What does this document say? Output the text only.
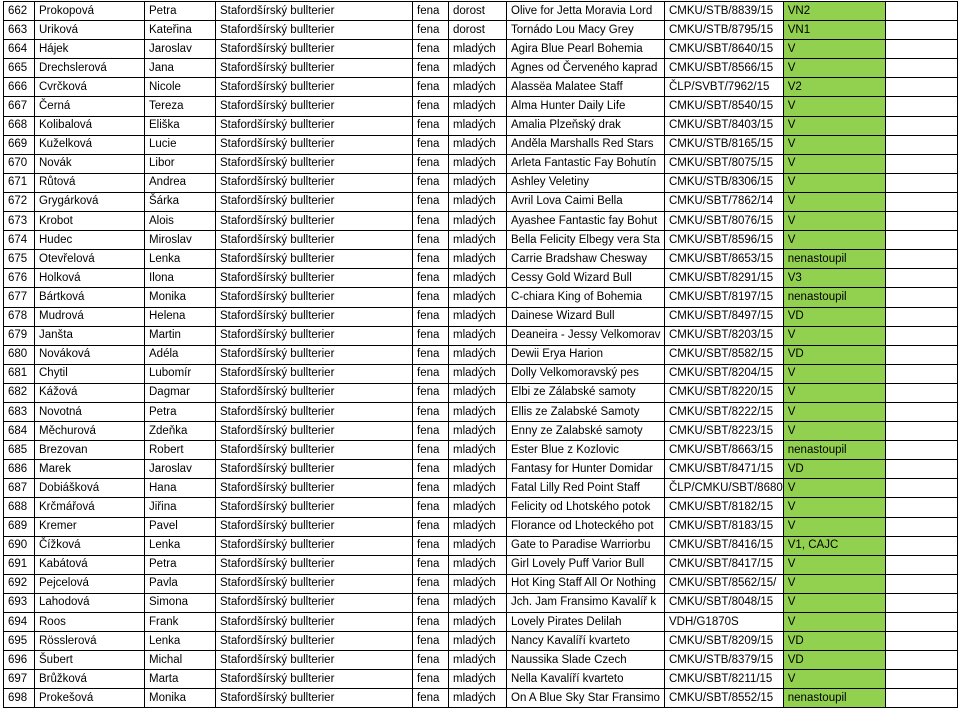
662	Prokopová	Petra	Stafordšírský bullterier	fena	dorost	Olive for Jetta Moravia Lord	CMKU/STB/8839/15	VN2	
663	Uriková	Kateřina	Stafordšírský bullterier	fena	dorost	Tornádo Lou Macy Grey	CMKU/STB/8795/15	VN1	
664	Hájek	Jaroslav	Stafordšírský bullterier	fena	mladých	Agira Blue Pearl Bohemia	CMKU/SBT/8640/15	V	
665	Drechslerová	Jana	Stafordšírský bullterier	fena	mladých	Agnes od Červeného kaprad	CMKU/SBT/8566/15	V	
666	Cvrčková	Nicole	Stafordšírský bullterier	fena	mladých	Alassëa Malatee Staff	ČLP/SVBT/7962/15	V2	
667	Černá	Tereza	Stafordšírský bullterier	fena	mladých	Alma Hunter Daily Life	CMKU/SBT/8540/15	V	
668	Kolibalová	Eliška	Stafordšírský bullterier	fena	mladých	Amalia Plzeňský drak	CMKU/SBT/8403/15	V	
669	Kuželková	Lucie	Stafordšírský bullterier	fena	mladých	Anděla Marshalls Red Stars	CMKU/STB/8165/15	V	
670	Novák	Libor	Stafordšírský bullterier	fena	mladých	Arleta Fantastic Fay Bohutín	CMKU/SBT/8075/15	V	
671	Růtová	Andrea	Stafordšírský bullterier	fena	mladých	Ashley Veletiny	CMKU/STB/8306/15	V	
672	Grygárková	Šárka	Stafordšírský bullterier	fena	mladých	Avril Lova Caimi Bella	CMKU/SBT/7862/14	V	
673	Krobot	Alois	Stafordšírský bullterier	fena	mladých	Ayashee Fantastic fay Bohut	CMKU/SBT/8076/15	V	
674	Hudec	Miroslav	Stafordšírský bullterier	fena	mladých	Bella Felicity Elbegy vera Sta	CMKU/SBT/8596/15	V	
675	Otevřelová	Lenka	Stafordšírský bullterier	fena	mladých	Carrie Bradshaw Chesway	CMKU/SBT/8653/15	nenastoupil	
676	Holková	Ilona	Stafordšírský bullterier	fena	mladých	Cessy Gold Wizard Bull	CMKU/SBT/8291/15	V3	
677	Bártková	Monika	Stafordšírský bullterier	fena	mladých	C-chiara King of Bohemia	CMKU/SBT/8197/15	nenastoupil	
678	Mudrová	Helena	Stafordšírský bullterier	fena	mladých	Dainese Wizard Bull	CMKU/SBT/8497/15	VD	
679	Janšta	Martin	Stafordšírský bullterier	fena	mladých	Deaneira - Jessy Velkomorav	CMKU/SBT/8203/15	V	
680	Nováková	Adéla	Stafordšírský bullterier	fena	mladých	Dewii Erya Harion	CMKU/SBT/8582/15	VD	
681	Chytil	Lubomír	Stafordšírský bullterier	fena	mladých	Dolly Velkomoravský pes	CMKU/SBT/8204/15	V	
682	Kážová	Dagmar	Stafordšírský bullterier	fena	mladých	Elbi ze Zálabské samoty	CMKU/SBT/8220/15	V	
683	Novotná	Petra	Stafordšírský bullterier	fena	mladých	Ellis ze Zalabské Samoty	CMKU/SBT/8222/15	V	
684	Měchurová	Zdeňka	Stafordšírský bullterier	fena	mladých	Enny ze Zalabské samoty	CMKU/SBT/8223/15	V	
685	Brezovan	Robert	Stafordšírský bullterier	fena	mladých	Ester Blue z Kozlovic	CMKU/SBT/8663/15	nenastoupil	
686	Marek	Jaroslav	Stafordšírský bullterier	fena	mladých	Fantasy for Hunter Domidar	CMKU/SBT/8471/15	VD	
687	Dobiášková	Hana	Stafordšírský bullterier	fena	mladých	Fatal Lilly Red Point Staff	ČLP/CMKU/SBT/8680	V	
688	Krčmářová	Jiřina	Stafordšírský bullterier	fena	mladých	Felicity od Lhotského potok	CMKU/SBT/8182/15	V	
689	Kremer	Pavel	Stafordšírský bullterier	fena	mladých	Florance od Lhoteckého pot	CMKU/SBT/8183/15	V	
690	Čížková	Lenka	Stafordšírský bullterier	fena	mladých	Gate to Paradise Warriorbu	CMKU/SBT/8416/15	V1, CAJC	
691	Kabátová	Petra	Stafordšírský bullterier	fena	mladých	Girl Lovely Puff Varior Bull	CMKU/SBT/8417/15	V	
692	Pejcelová	Pavla	Stafordšírský bullterier	fena	mladých	Hot King Staff All Or Nothing	CMKU/SBT/8562/15/	V	
693	Lahodová	Simona	Stafordšírský bullterier	fena	mladých	Jch. Jam Fransimo Kavalíř k	CMKU/SBT/8048/15	V	
694	Roos	Frank	Stafordšírský bullterier	fena	mladých	Lovely Pirates Delilah	VDH/G1870S	V	
695	Rösslerová	Lenka	Stafordšírský bullterier	fena	mladých	Nancy Kavalíří kvarteto	CMKU/SBT/8209/15	VD	
696	Šubert	Michal	Stafordšírský bullterier	fena	mladých	Naussika Slade Czech	CMKU/STB/8379/15	VD	
697	Brůžková	Marta	Stafordšírský bullterier	fena	mladých	Nella Kavalíří kvarteto	CMKU/SBT/8211/15	V	
698	Prokešová	Monika	Stafordšírský bullterier	fena	mladých	On A Blue Sky Star Fransimo	CMKU/SBT/8552/15	nenastoupil	
